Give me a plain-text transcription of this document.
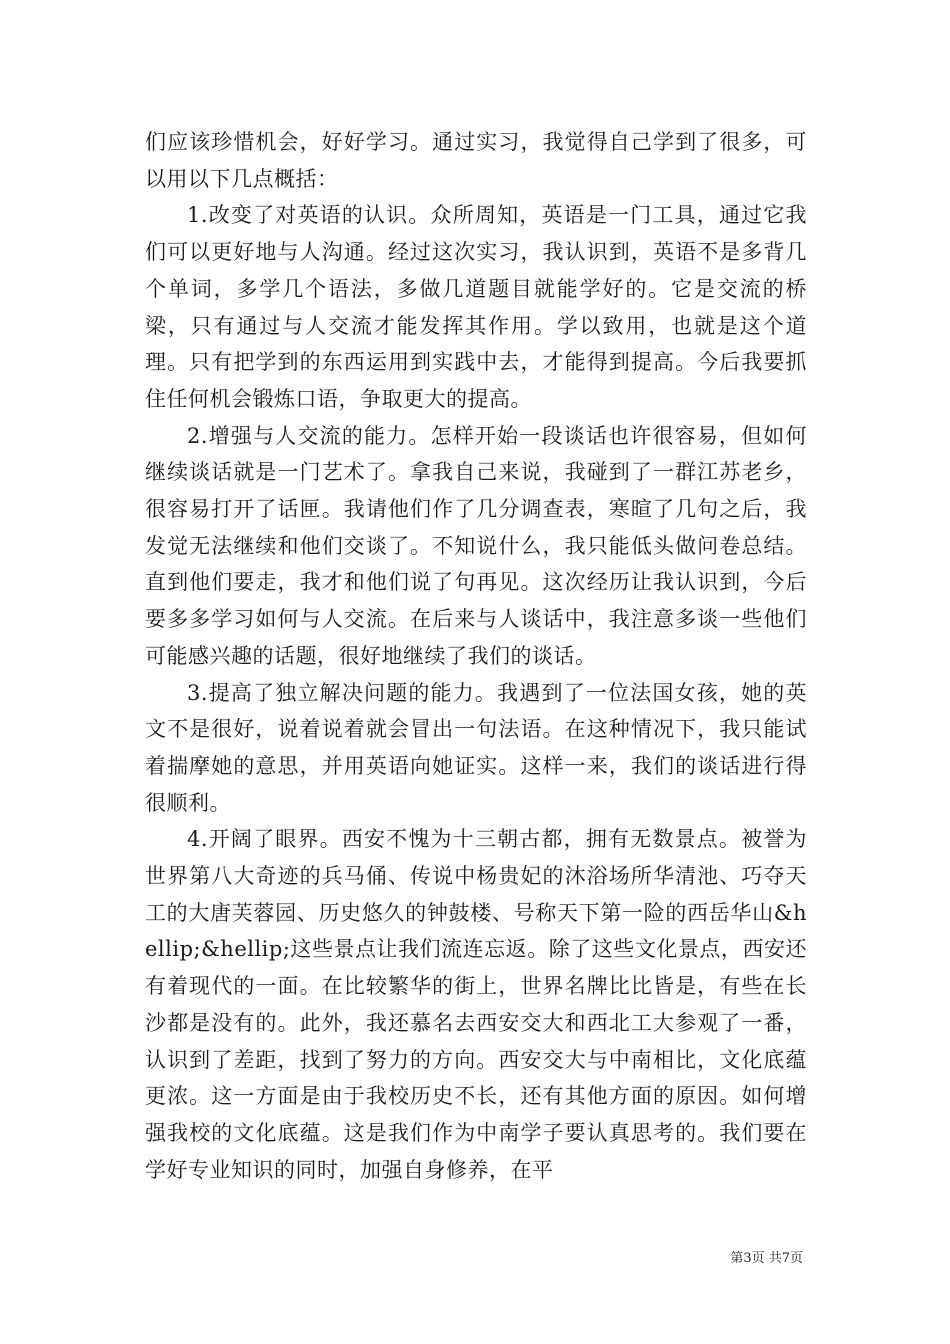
们应该珍惜机会，好好学习。通过实习，我觉得自己学到了很多，可以用以下几点概括：

1.改变了对英语的认识。众所周知，英语是一门工具，通过它我们可以更好地与人沟通。经过这次实习，我认识到，英语不是多背几个单词，多学几个语法，多做几道题目就能学好的。它是交流的桥梁，只有通过与人交流才能发挥其作用。学以致用，也就是这个道理。只有把学到的东西运用到实践中去，才能得到提高。今后我要抓住任何机会锻炼口语，争取更大的提高。

2.增强与人交流的能力。怎样开始一段谈话也许很容易，但如何继续谈话就是一门艺术了。拿我自己来说，我碰到了一群江苏老乡，很容易打开了话匣。我请他们作了几分调查表，寒暄了几句之后，我发觉无法继续和他们交谈了。不知说什么，我只能低头做问卷总结。直到他们要走，我才和他们说了句再见。这次经历让我认识到，今后要多多学习如何与人交流。在后来与人谈话中，我注意多谈一些他们可能感兴趣的话题，很好地继续了我们的谈话。

3.提高了独立解决问题的能力。我遇到了一位法国女孩，她的英文不是很好，说着说着就会冒出一句法语。在这种情况下，我只能试着揣摩她的意思，并用英语向她证实。这样一来，我们的谈话进行得很顺利。

4.开阔了眼界。西安不愧为十三朝古都，拥有无数景点。被誉为世界第八大奇迹的兵马俑、传说中杨贵妃的沐浴场所华清池、巧夺天工的大唐芙蓉园、历史悠久的钟鼓楼、号称天下第一险的西岳华山&hellip;&hellip;这些景点让我们流连忘返。除了这些文化景点，西安还有着现代的一面。在比较繁华的街上，世界名牌比比皆是，有些在长沙都是没有的。此外，我还慕名去西安交大和西北工大参观了一番，认识到了差距，找到了努力的方向。西安交大与中南相比，文化底蕴更浓。这一方面是由于我校历史不长，还有其他方面的原因。如何增强我校的文化底蕴。这是我们作为中南学子要认真思考的。我们要在学好专业知识的同时，加强自身修养，在平

第3页 共7页
